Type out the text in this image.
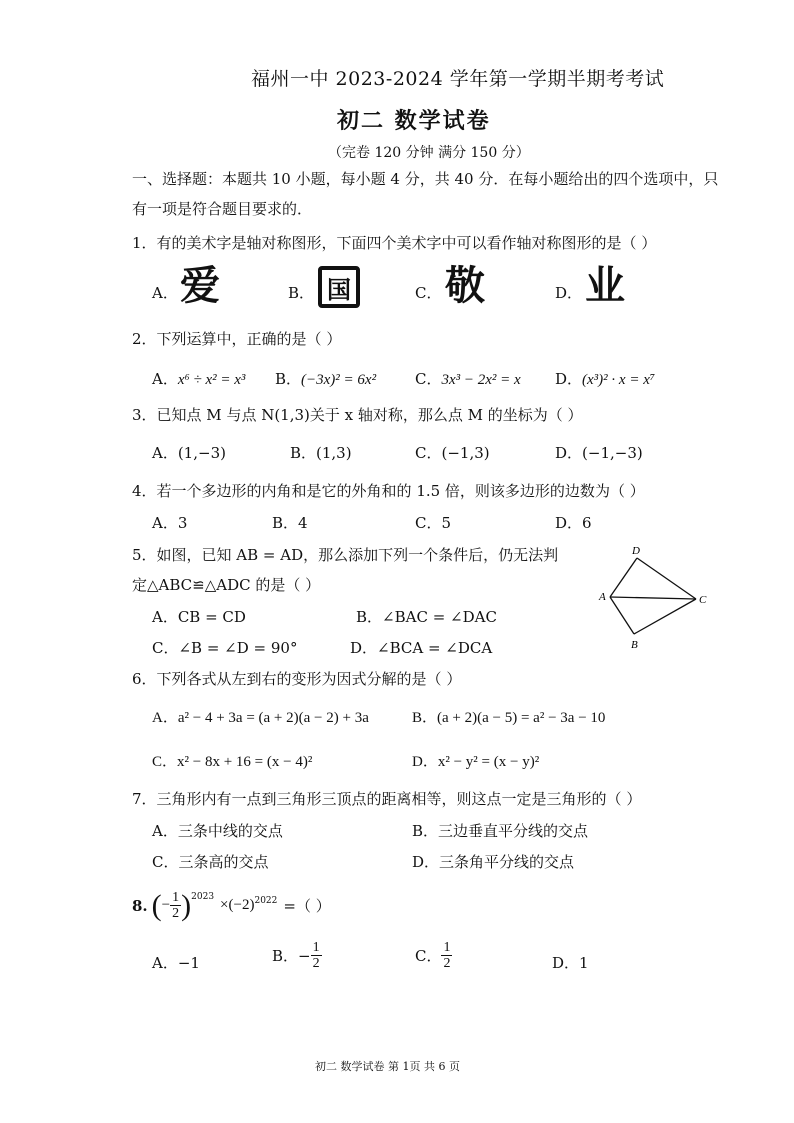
福州一中 2023-2024 学年第一学期半期考考试
初二 数学试卷
（完卷 120 分钟 满分 150 分）
一、选择题：本题共 10 小题，每小题 4 分，共 40 分．在每小题给出的四个选项中，只
有一项是符合题目要求的．
1．有的美术字是轴对称图形，下面四个美术字中可以看作轴对称图形的是（ ）
A． 爱	B． 国	C． 敬	D． 业
2．下列运算中，正确的是（ ）
A．x⁶ ÷ x² = x³ B．(−3x)² = 6x²	C．3x³ − 2x² = x D．(x³)² · x = x⁷
3．已知点 M 与点 N(1,3)关于 x 轴对称，那么点 M 的坐标为（ ）
A．(1,−3)	B．(1,3)	C．(−1,3)	D．(−1,−3)
4．若一个多边形的内角和是它的外角和的 1.5 倍，则该多边形的边数为（ ）
A．3	B．4	C．5	D．6
5．如图，已知 AB = AD，那么添加下列一个条件后，仍无法判
定△ABC≌△ADC 的是（ ）
A．CB = CD	B．∠BAC = ∠DAC
C．∠B = ∠D = 90°	D．∠BCA = ∠DCA
D
A	C
B
6．下列各式从左到右的变形为因式分解的是（ ）
A．a² − 4 + 3a = (a + 2)(a − 2) + 3a	B．(a + 2)(a − 5) = a² − 3a − 10
C．x² − 8x + 16 = (x − 4)²	D．x² − y² = (x − y)²
7．三角形内有一点到三角形三顶点的距离相等，则这点一定是三角形的（ ）
A．三条中线的交点	B．三边垂直平分线的交点
C．三条高的交点	D．三条角平分线的交点
8. ( − $\frac{1}{2}$ ) 2023
×(−2) 2022 =（ ）
A．−1	B．− $\frac{1}{2}$	C． $\frac{1}{2}$	D．1
初二 数学试卷 第 1页 共 6 页
